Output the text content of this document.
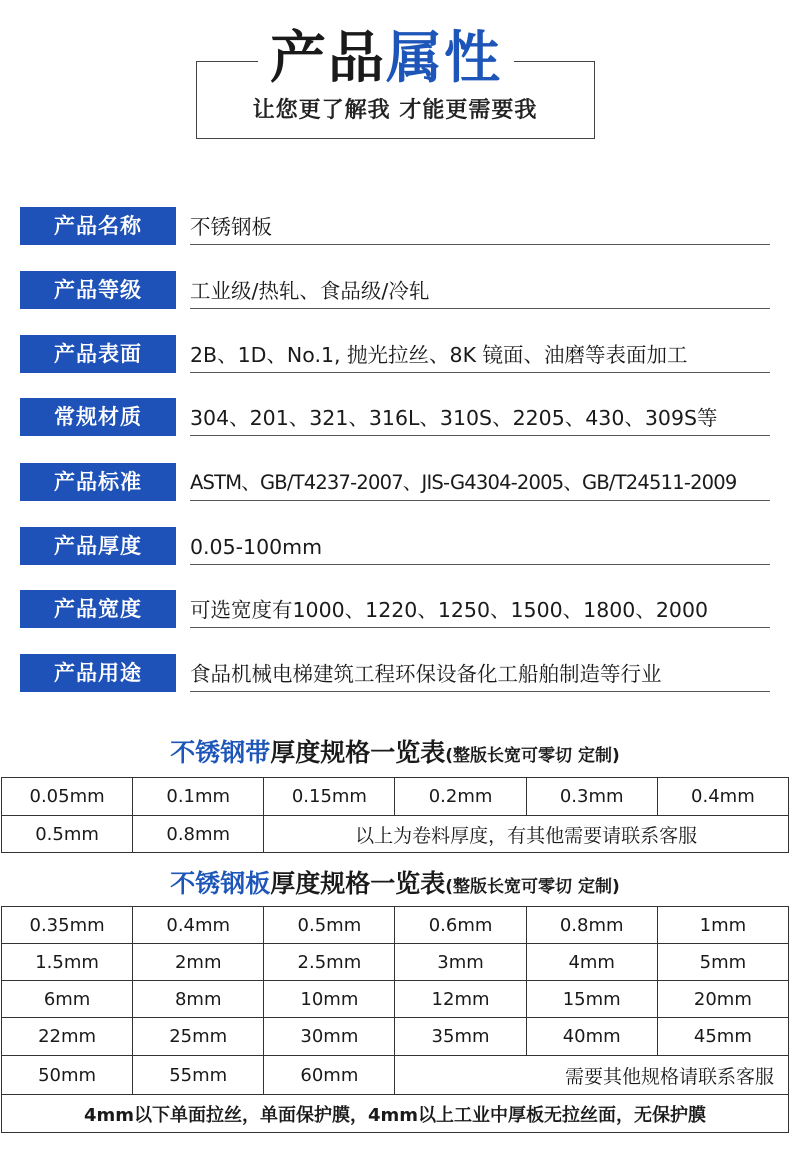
产品属性
让您更了解我 才能更需要我
产品名称	不锈钢板
产品等级	工业级/热轧、食品级/冷轧
产品表面	2B、1D、No.1, 抛光拉丝、8K 镜面、油磨等表面加工
常规材质	304、201、321、316L、310S、2205、430、309S等
产品标准	ASTM、GB/T4237-2007、JIS-G4304-2005、GB/T24511-2009
产品厚度	0.05-100mm
产品宽度	可选宽度有1000、1220、1250、1500、1800、2000
产品用途	食品机械电梯建筑工程环保设备化工船舶制造等行业
不锈钢带厚度规格一览表(整版长宽可零切 定制)
0.05mm	0.1mm	0.15mm	0.2mm	0.3mm	0.4mm
0.5mm	0.8mm	以上为卷料厚度，有其他需要请联系客服			
不锈钢板厚度规格一览表(整版长宽可零切 定制)
0.35mm	0.4mm	0.5mm	0.6mm	0.8mm	1mm
1.5mm	2mm	2.5mm	3mm	4mm	5mm
6mm	8mm	10mm	12mm	15mm	20mm
22mm	25mm	30mm	35mm	40mm	45mm
50mm	55mm	60mm	需要其他规格请联系客服		
4mm以下单面拉丝，单面保护膜，4mm以上工业中厚板无拉丝面，无保护膜					
